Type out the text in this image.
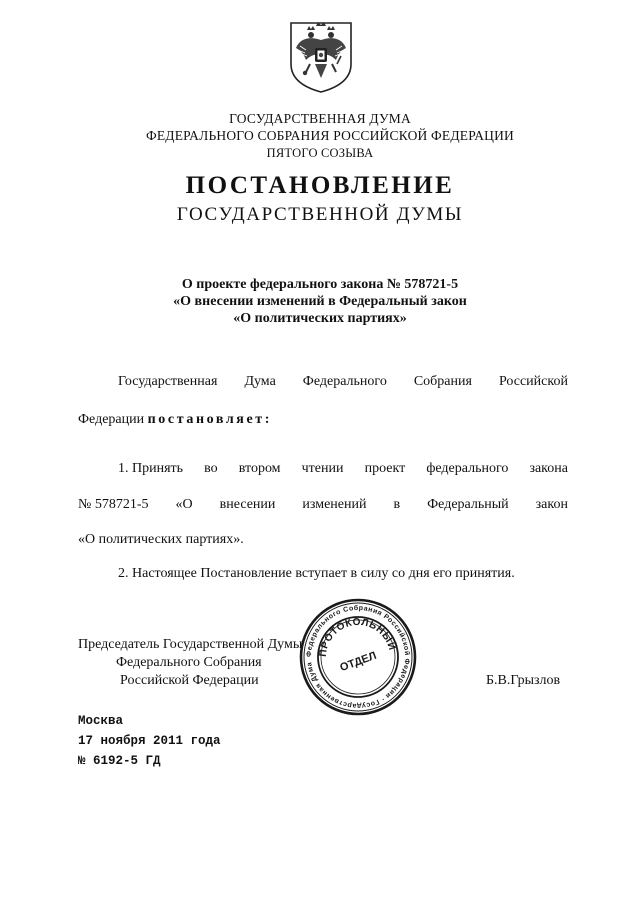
ГОСУДАРСТВЕННАЯ ДУМА
ФЕДЕРАЛЬНОГО СОБРАНИЯ РОССИЙСКОЙ ФЕДЕРАЦИИ
ПЯТОГО СОЗЫВА
ПОСТАНОВЛЕНИЕ
ГОСУДАРСТВЕННОЙ ДУМЫ
О проекте федерального закона № 578721-5
«О внесении изменений в Федеральный закон
«О политических партиях»
Государственная Дума Федерального Собрания Российской
Федерации постановляет:
1. Принять во втором чтении проект федерального закона
№ 578721-5 «О внесении изменений в Федеральный закон
«О политических партиях».
2. Настоящее Постановление вступает в силу со дня его принятия.
Председатель Государственной Думы
Федерального Собрания
Российской Федерации	Б.В.Грызлов
Федерального Собрания Российской Федерации · Государственная Дума
ПРОТОКОЛЬНЫЙ
ОТДЕЛ
Москва
17 ноября 2011 года
№ 6192-5 ГД
